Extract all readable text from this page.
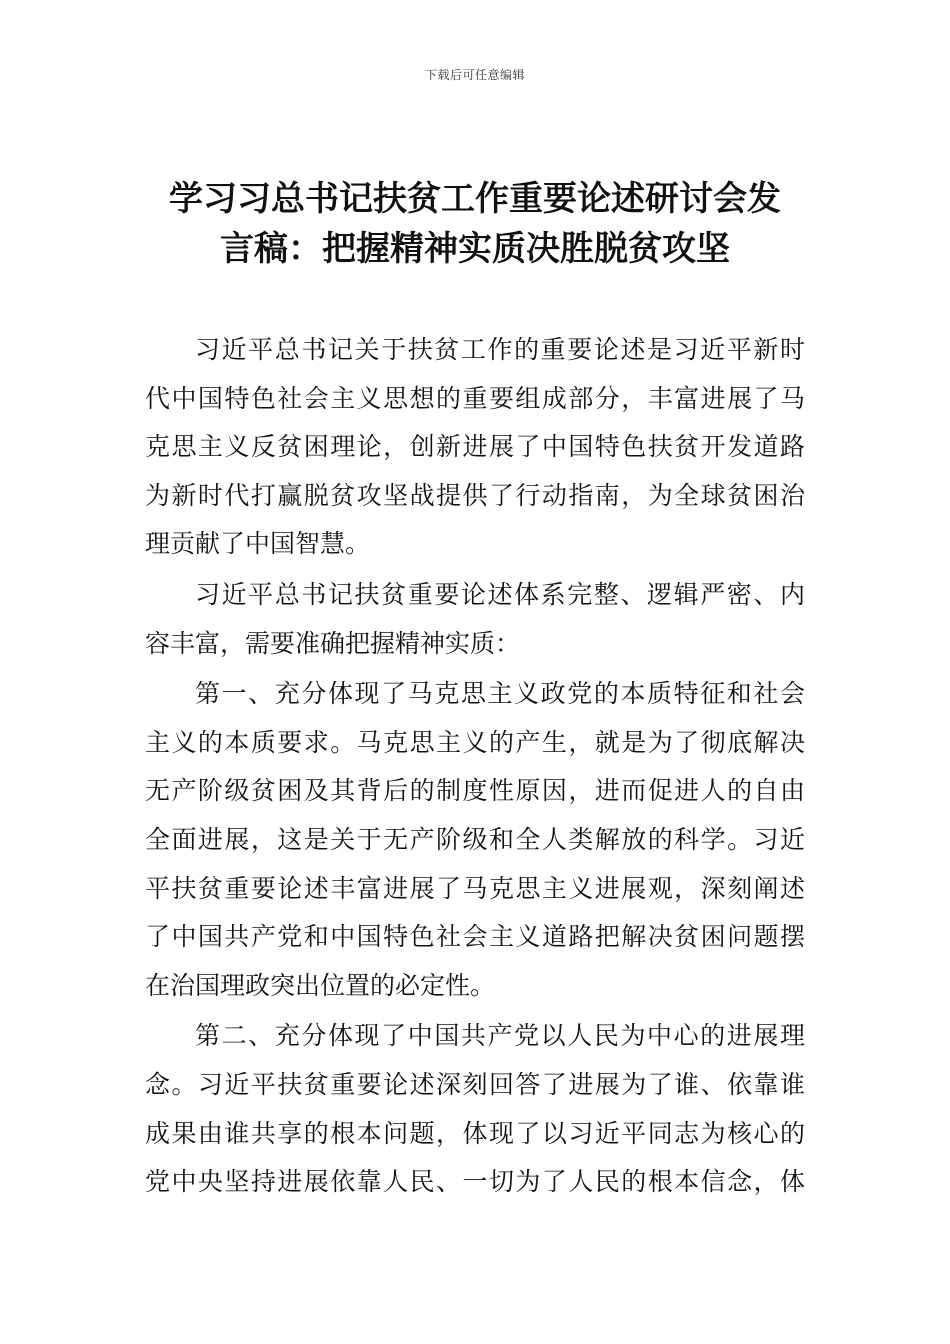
下载后可任意编辑
学习习总书记扶贫工作重要论述研讨会发
言稿：把握精神实质决胜脱贫攻坚

习近平总书记关于扶贫工作的重要论述是习近平新时
代中国特色社会主义思想的重要组成部分，丰富进展了马
克思主义反贫困理论，创新进展了中国特色扶贫开发道路
为新时代打赢脱贫攻坚战提供了行动指南，为全球贫困治
理贡献了中国智慧。

习近平总书记扶贫重要论述体系完整、逻辑严密、内
容丰富，需要准确把握精神实质：

第一、充分体现了马克思主义政党的本质特征和社会
主义的本质要求。马克思主义的产生，就是为了彻底解决
无产阶级贫困及其背后的制度性原因，进而促进人的自由
全面进展，这是关于无产阶级和全人类解放的科学。习近
平扶贫重要论述丰富进展了马克思主义进展观，深刻阐述
了中国共产党和中国特色社会主义道路把解决贫困问题摆
在治国理政突出位置的必定性。

第二、充分体现了中国共产党以人民为中心的进展理
念。习近平扶贫重要论述深刻回答了进展为了谁、依靠谁
成果由谁共享的根本问题，体现了以习近平同志为核心的
党中央坚持进展依靠人民、一切为了人民的根本信念，体
